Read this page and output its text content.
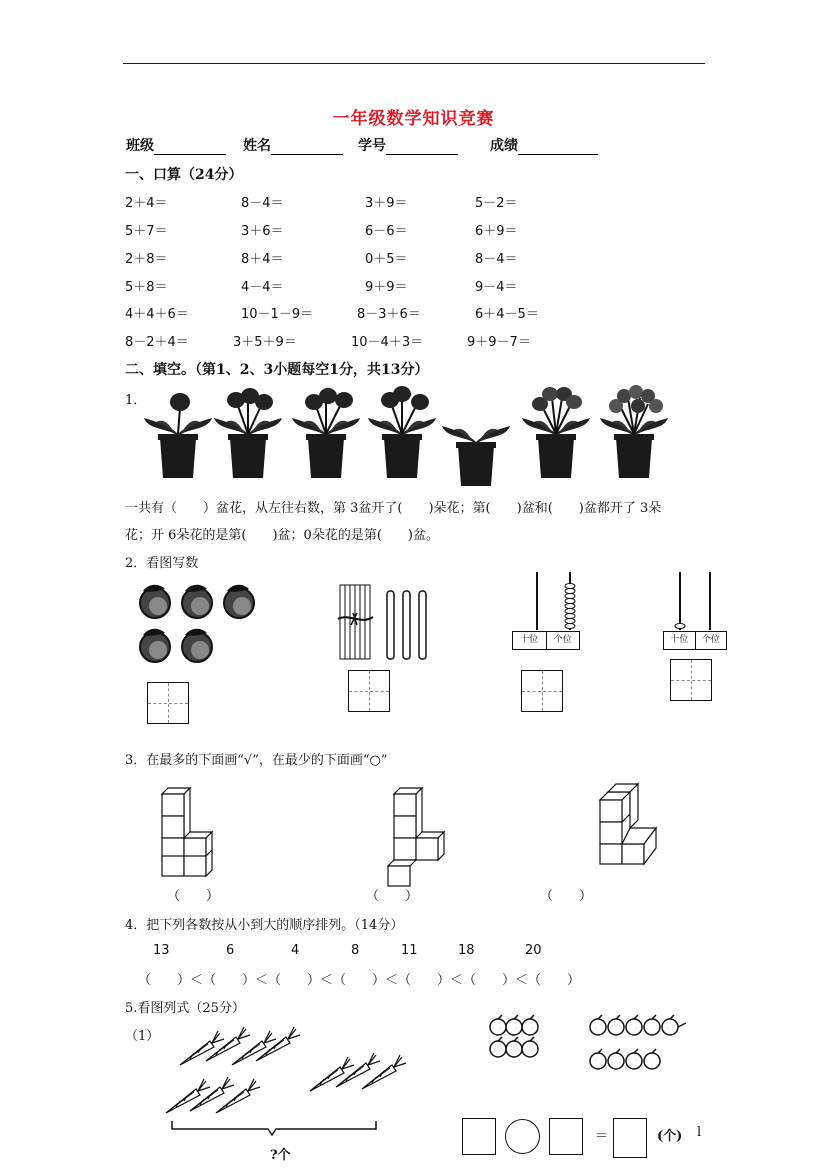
一年级数学知识竞赛
班级	姓名	学号	成绩
一、口算（24分）
2＋4＝	8－4＝	3＋9＝	5－2＝
5＋7＝	3＋6＝	6－6＝	6＋9＝
2＋8＝	8＋4＝	0＋5＝	8－4＝
5＋8＝	4－4＝	9＋9＝	9－4＝
4＋4＋6＝	10－1－9＝	8－3＋6＝	6＋4－5＝
8－2＋4＝	3＋5＋9＝	10－4＋3＝	9＋9－7＝
二、填空。（第1、2、3小题每空1分，共13分）
1．
一共有（　　）盆花，从左往右数，第 3盆开了(　　)朵花；第(　　)盆和(　　)盆都开了 3朵
花；开 6朵花的是第(　　)盆；0朵花的是第(　　)盆。
2．看图写数
十位	个位	十位	个位
3．在最多的下面画“√”，在最少的下面画“○”
（　　）	（　　）	（　　）
4．把下列各数按从小到大的顺序排列。（14分）
13	6	4	8	11	18	20
（　　）＜（　　）＜（　　）＜（　　）＜（　　）＜（　　）＜（　　）
5.看图列式（25分）
（1）
?个
＝	(个) l
